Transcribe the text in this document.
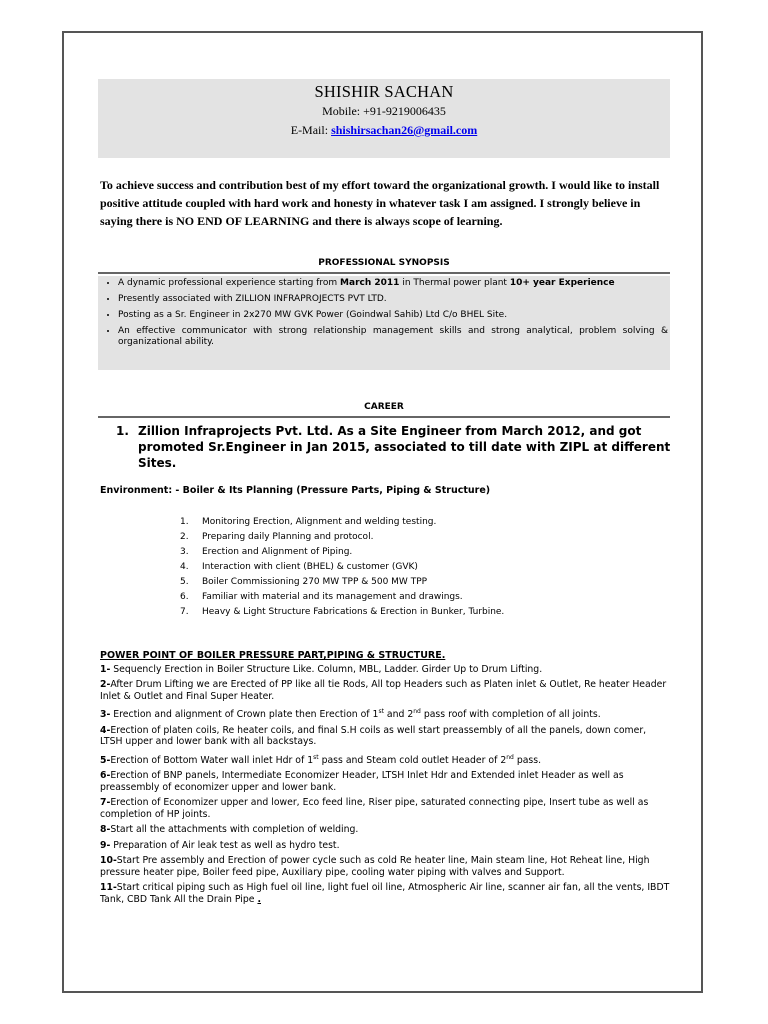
SHISHIR SACHAN
Mobile: +91-9219006435
E-Mail: shishirsachan26@gmail.com
To achieve success and contribution best of my effort toward the organizational growth. I would like to install positive attitude coupled with hard work and honesty in whatever task I am assigned. I strongly believe in saying there is NO END OF LEARNING and there is always scope of learning.
PROFESSIONAL SYNOPSIS
• A dynamic professional experience starting from March 2011 in Thermal power plant 10+ year Experience
• Presently associated with ZILLION INFRAPROJECTS PVT LTD.
• Posting as a Sr. Engineer in 2x270 MW GVK Power (Goindwal Sahib) Ltd C/o BHEL Site.
• An effective communicator with strong relationship management skills and strong analytical, problem solving & organizational ability.
CAREER
1. Zillion Infraprojects Pvt. Ltd. As a Site Engineer from March 2012, and got promoted Sr.Engineer in Jan 2015, associated to till date with ZIPL at different Sites.
Environment: - Boiler & Its Planning (Pressure Parts, Piping & Structure)
1. Monitoring Erection, Alignment and welding testing.
2. Preparing daily Planning and protocol.
3. Erection and Alignment of Piping.
4. Interaction with client (BHEL) & customer (GVK)
5. Boiler Commissioning 270 MW TPP & 500 MW TPP
6. Familiar with material and its management and drawings.
7. Heavy & Light Structure Fabrications & Erection in Bunker, Turbine.
POWER POINT OF BOILER PRESSURE PART,PIPING & STRUCTURE.

1- Sequencly Erection in Boiler Structure Like. Column, MBL, Ladder. Girder Up to Drum Lifting.

2-After Drum Lifting we are Erected of PP like all tie Rods, All top Headers such as Platen inlet & Outlet, Re heater Header Inlet & Outlet and Final Super Heater.

3- Erection and alignment of Crown plate then Erection of 1st and 2nd pass roof with completion of all joints.

4-Erection of platen coils, Re heater coils, and final S.H coils as well start preassembly of all the panels, down comer, LTSH upper and lower bank with all backstays.

5-Erection of Bottom Water wall inlet Hdr of 1st pass and Steam cold outlet Header of 2nd pass.

6-Erection of BNP panels, Intermediate Economizer Header, LTSH Inlet Hdr and Extended inlet Header as well as preassembly of economizer upper and lower bank.

7-Erection of Economizer upper and lower, Eco feed line, Riser pipe, saturated connecting pipe, Insert tube as well as completion of HP joints.

8-Start all the attachments with completion of welding.

9- Preparation of Air leak test as well as hydro test.

10-Start Pre assembly and Erection of power cycle such as cold Re heater line, Main steam line, Hot Reheat line, High pressure heater pipe, Boiler feed pipe, Auxiliary pipe, cooling water piping with valves and Support.

11-Start critical piping such as High fuel oil line, light fuel oil line, Atmospheric Air line, scanner air fan, all the vents, IBDT Tank, CBD Tank All the Drain Pipe .
